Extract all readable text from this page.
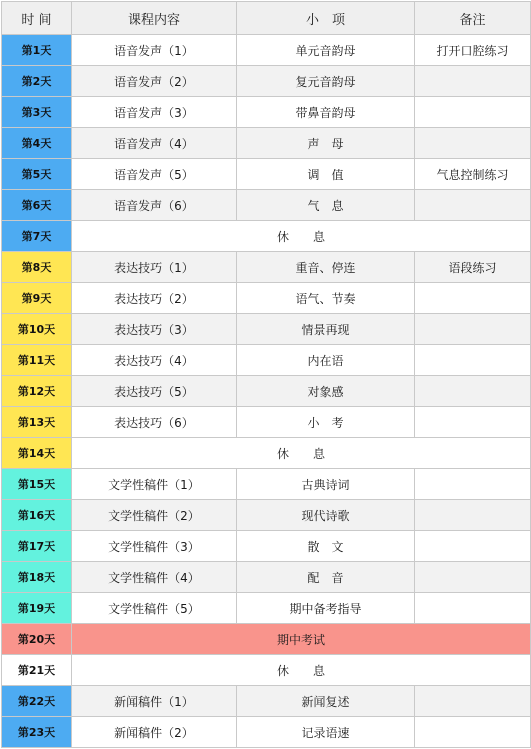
时 间	课程内容	小　项	备注
第1天	语音发声（1）	单元音韵母	打开口腔练习
第2天	语音发声（2）	复元音韵母	
第3天	语音发声（3）	带鼻音韵母	
第4天	语音发声（4）	声　母	
第5天	语音发声（5）	调　值	气息控制练习
第6天	语音发声（6）	气　息	
第7天	休　　息		
第8天	表达技巧（1）	重音、停连	语段练习
第9天	表达技巧（2）	语气、节奏	
第10天	表达技巧（3）	情景再现	
第11天	表达技巧（4）	内在语	
第12天	表达技巧（5）	对象感	
第13天	表达技巧（6）	小　考	
第14天	休　　息		
第15天	文学性稿件（1）	古典诗词	
第16天	文学性稿件（2）	现代诗歌	
第17天	文学性稿件（3）	散　文	
第18天	文学性稿件（4）	配　音	
第19天	文学性稿件（5）	期中备考指导	
第20天	期中考试		
第21天	休　　息		
第22天	新闻稿件（1）	新闻复述	
第23天	新闻稿件（2）	记录语速	
